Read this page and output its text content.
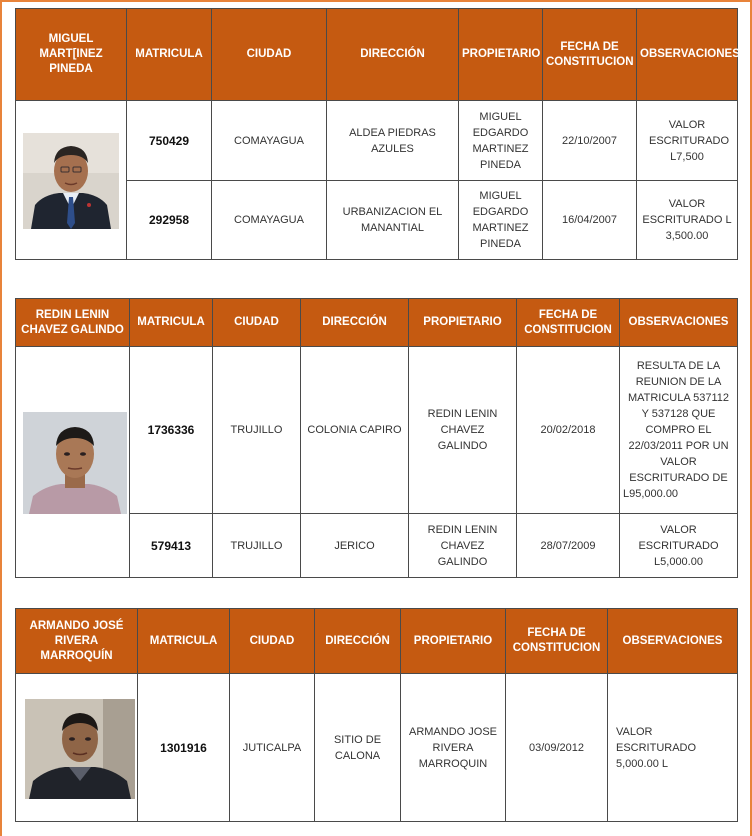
MIGUEL MART[INEZ PINEDA	MATRICULA	CIUDAD	DIRECCIÓN	PROPIETARIO	FECHA DE CONSTITUCION	OBSERVACIONES

	750429	COMAYAGUA	ALDEA PIEDRAS AZULES	MIGUEL EDGARDO MARTINEZ PINEDA	22/10/2007	VALOR ESCRITURADO L7,500
	292958	COMAYAGUA	URBANIZACION EL MANANTIAL	MIGUEL EDGARDO MARTINEZ PINEDA	16/04/2007	VALOR ESCRITURADO L 3,500.00
REDIN LENIN CHAVEZ GALINDO	MATRICULA	CIUDAD	DIRECCIÓN	PROPIETARIO	FECHA DE CONSTITUCION	OBSERVACIONES

	1736336	TRUJILLO	COLONIA CAPIRO	REDIN LENIN CHAVEZ GALINDO	20/02/2018	RESULTA DE LA REUNION DE LA MATRICULA 537112 Y 537128 QUE COMPRO EL 22/03/2011 POR UN VALOR ESCRITURADO DE L95,000.00
	579413	TRUJILLO	JERICO	REDIN LENIN CHAVEZ GALINDO	28/07/2009	VALOR ESCRITURADO L5,000.00
ARMANDO JOSÉ RIVERA MARROQUÍN	MATRICULA	CIUDAD	DIRECCIÓN	PROPIETARIO	FECHA DE CONSTITUCION	OBSERVACIONES

	1301916	JUTICALPA	SITIO DE CALONA	ARMANDO JOSE RIVERA MARROQUIN	03/09/2012	VALOR ESCRITURADO 5,000.00 L
